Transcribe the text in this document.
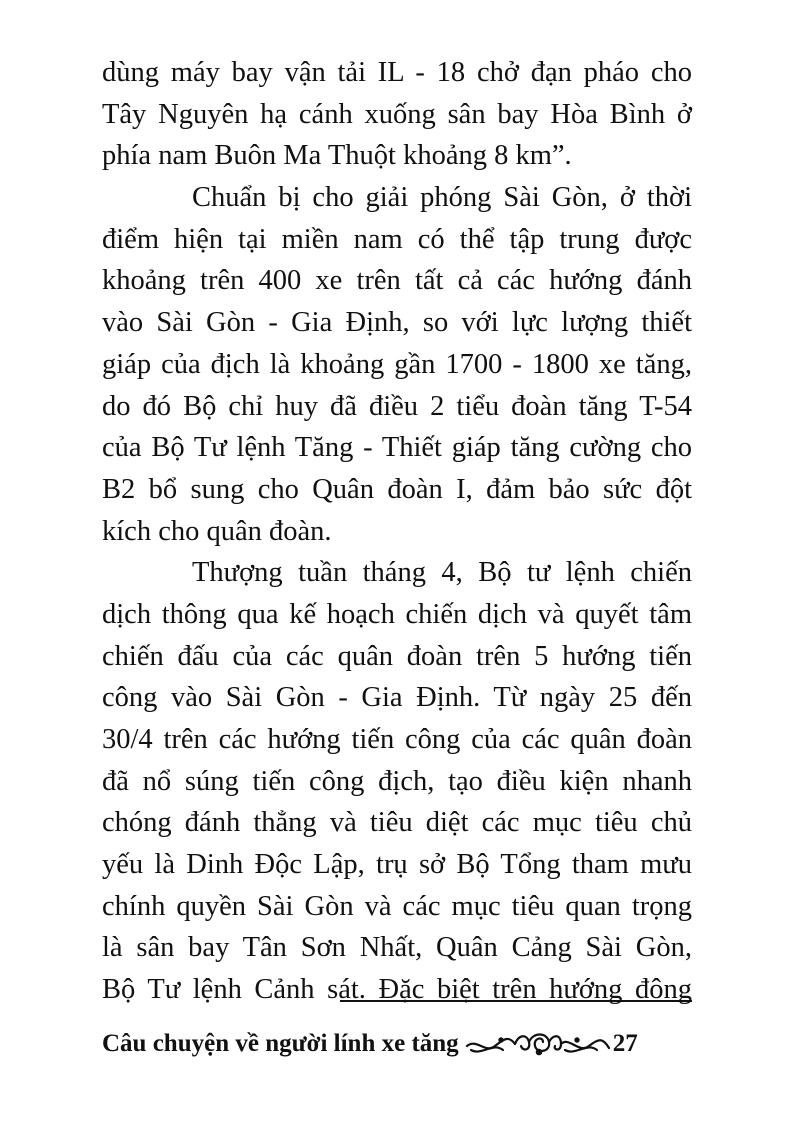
dùng máy bay vận tải IL - 18 chở đạn pháo cho
Tây Nguyên hạ cánh xuống sân bay Hòa Bình ở
phía nam Buôn Ma Thuột khoảng 8 km”.
Chuẩn bị cho giải phóng Sài Gòn, ở thời
điểm hiện tại miền nam có thể tập trung được
khoảng trên 400 xe trên tất cả các hướng đánh
vào Sài Gòn - Gia Định, so với lực lượng thiết
giáp của địch là khoảng gần 1700 - 1800 xe tăng,
do đó Bộ chỉ huy đã điều 2 tiểu đoàn tăng T-54
của Bộ Tư lệnh Tăng - Thiết giáp tăng cường cho
B2 bổ sung cho Quân đoàn I, đảm bảo sức đột
kích cho quân đoàn.
Thượng tuần tháng 4, Bộ tư lệnh chiến
dịch thông qua kế hoạch chiến dịch và quyết tâm
chiến đấu của các quân đoàn trên 5 hướng tiến
công vào Sài Gòn - Gia Định. Từ ngày 25 đến
30/4 trên các hướng tiến công của các quân đoàn
đã nổ súng tiến công địch, tạo điều kiện nhanh
chóng đánh thẳng và tiêu diệt các mục tiêu chủ
yếu là Dinh Độc Lập, trụ sở Bộ Tổng tham mưu
chính quyền Sài Gòn và các mục tiêu quan trọng
là sân bay Tân Sơn Nhất, Quân Cảng Sài Gòn,
Bộ Tư lệnh Cảnh sát. Đặc biệt trên hướng đông
Câu chuyện về người lính xe tăng	27
